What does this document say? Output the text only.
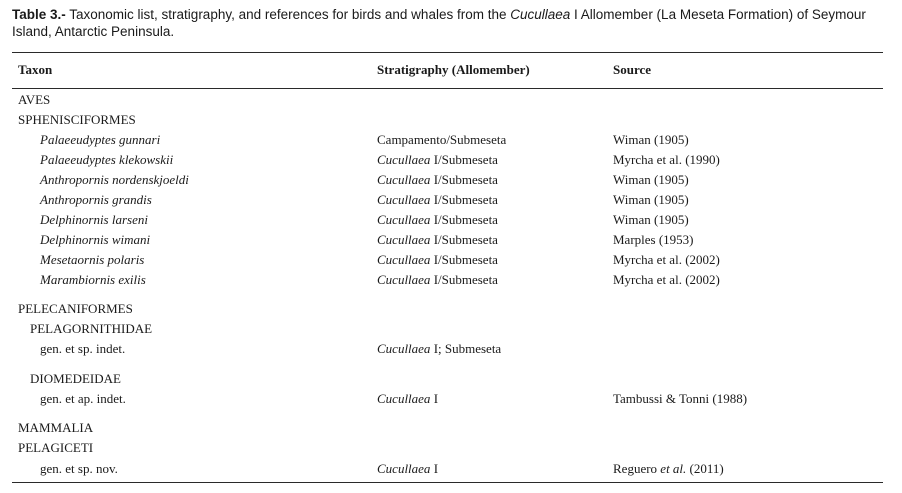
Table 3.- Taxonomic list, stratigraphy, and references for birds and whales from the Cucullaea I Allomember (La Meseta Formation) of Seymour Island, Antarctic Peninsula.
Taxon	Stratigraphy (Allomember)	Source
AVES
SPHENISCIFORMES
Palaeeudyptes gunnari	Campamento/Submeseta	Wiman (1905)
Palaeeudyptes klekowskii	Cucullaea I/Submeseta	Myrcha et al. (1990)
Anthropornis nordenskjoeldi	Cucullaea I/Submeseta	Wiman (1905)
Anthropornis grandis	Cucullaea I/Submeseta	Wiman (1905)
Delphinornis larseni	Cucullaea I/Submeseta	Wiman (1905)
Delphinornis wimani	Cucullaea I/Submeseta	Marples (1953)
Mesetaornis polaris	Cucullaea I/Submeseta	Myrcha et al. (2002)
Marambiornis exilis	Cucullaea I/Submeseta	Myrcha et al. (2002)
PELECANIFORMES
PELAGORNITHIDAE
gen. et sp. indet.	Cucullaea I; Submeseta
DIOMEDEIDAE
gen. et ap. indet.	Cucullaea I	Tambussi & Tonni (1988)
MAMMALIA
PELAGICETI
gen. et sp. nov.	Cucullaea I	Reguero et al. (2011)
